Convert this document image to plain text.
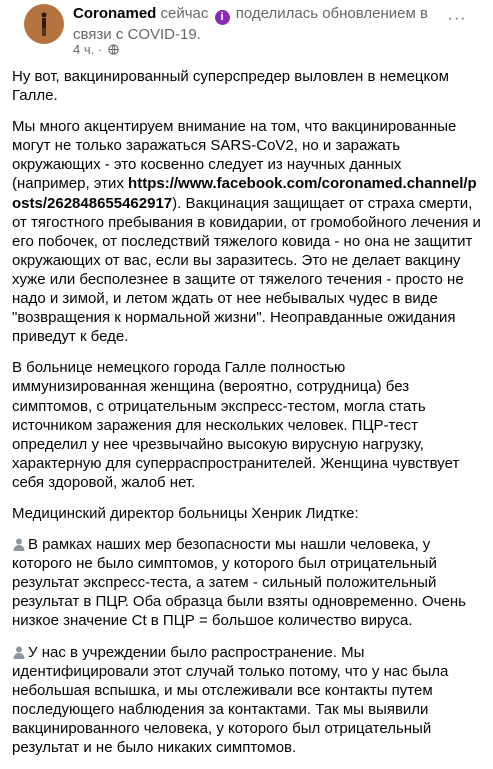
Coronamed сейчас i поделилась обновлением в связи с COVID-19.
4 ч. ·
···

Ну вот, вакцинированный суперспредер выловлен в немецком Галле.

Мы много акцентируем внимание на том, что вакцинированные могут не только заражаться SARS-CoV2, но и заражать окружающих - это косвенно следует из научных данных (например, этих https://www.facebook.com/coronamed.channel/posts/262848655462917). Вакцинация защищает от страха смерти, от тягостного пребывания в ковидарии, от громобойного лечения и его побочек, от последствий тяжелого ковида - но она не защитит окружающих от вас, если вы заразитесь. Это не делает вакцину хуже или бесполезнее в защите от тяжелого течения - просто не надо и зимой, и летом ждать от нее небывалых чудес в виде "возвращения к нормальной жизни". Неоправданные ожидания приведут к беде.

В больнице немецкого города Галле полностью иммунизированная женщина (вероятно, сотрудница) без симптомов, с отрицательным экспресс-тестом, могла стать источником заражения для нескольких человек. ПЦР-тест определил у нее чрезвычайно высокую вирусную нагрузку, характерную для суперраспространителей. Женщина чувствует себя здоровой, жалоб нет.

Медицинский директор больницы Хенрик Лидтке:

В рамках наших мер безопасности мы нашли человека, у которого не было симптомов, у которого был отрицательный результат экспресс-теста, а затем - сильный положительный результат в ПЦР. Оба образца были взяты одновременно. Очень низкое значение Ct в ПЦР = большое количество вируса.

У нас в учреждении было распространение. Мы идентифицировали этот случай только потому, что у нас была небольшая вспышка, и мы отслеживали все контакты путем последующего наблюдения за контактами. Так мы выявили вакцинированного человека, у которого был отрицательный результат и не было никаких симптомов.
